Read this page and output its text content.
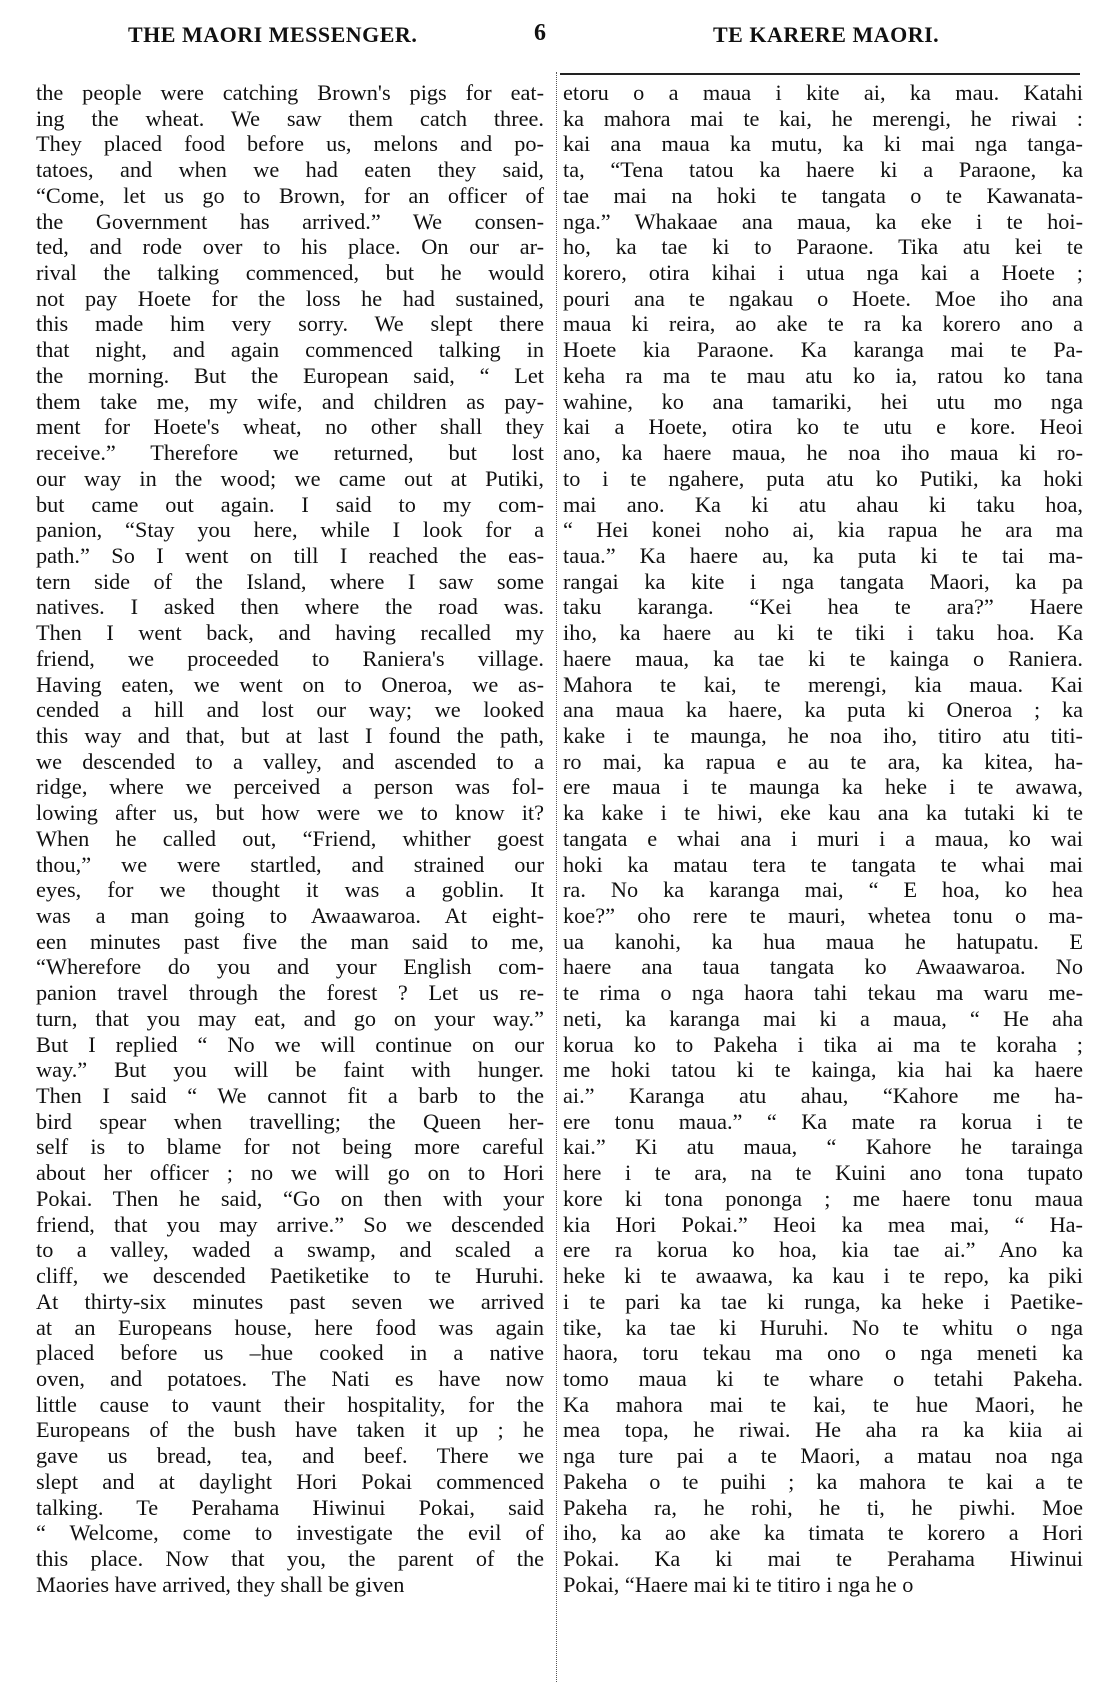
THE MAORI MESSENGER.	6	TE KARERE MAORI.
the people were catching Brown's pigs for eat-
ing the wheat. We saw them catch three.
They placed food before us, melons and po-
tatoes, and when we had eaten they said,
“Come, let us go to Brown, for an officer of
the Government has arrived.” We consen-
ted, and rode over to his place. On our ar-
rival the talking commenced, but he would
not pay Hoete for the loss he had sustained,
this made him very sorry. We slept there
that night, and again commenced talking in
the morning. But the European said, “ Let
them take me, my wife, and children as pay-
ment for Hoete's wheat, no other shall they
receive.” Therefore we returned, but lost
our way in the wood; we came out at Putiki,
but came out again. I said to my com-
panion, “Stay you here, while I look for a
path.” So I went on till I reached the eas-
tern side of the Island, where I saw some
natives. I asked then where the road was.
Then I went back, and having recalled my
friend, we proceeded to Raniera's village.
Having eaten, we went on to Oneroa, we as-
cended a hill and lost our way; we looked
this way and that, but at last I found the path,
we descended to a valley, and ascended to a
ridge, where we perceived a person was fol-
lowing after us, but how were we to know it?
When he called out, “Friend, whither goest
thou,” we were startled, and strained our
eyes, for we thought it was a goblin. It
was a man going to Awaawaroa. At eight-
een minutes past five the man said to me,
“Wherefore do you and your English com-
panion travel through the forest ? Let us re-
turn, that you may eat, and go on your way.”
But I replied “ No we will continue on our
way.” But you will be faint with hunger.
Then I said “ We cannot fit a barb to the
bird spear when travelling; the Queen her-
self is to blame for not being more careful
about her officer ; no we will go on to Hori
Pokai. Then he said, “Go on then with your
friend, that you may arrive.” So we descended
to a valley, waded a swamp, and scaled a
cliff, we descended Paetiketike to te Huruhi.
At thirty-six minutes past seven we arrived
at an Europeans house, here food was again
placed before us –hue cooked in a native
oven, and potatoes. The Nati es have now
little cause to vaunt their hospitality, for the
Europeans of the bush have taken it up ; he
gave us bread, tea, and beef. There we
slept and at daylight Hori Pokai commenced
talking. Te Perahama Hiwinui Pokai, said
“ Welcome, come to investigate the evil of
this place. Now that you, the parent of the
Maories have arrived, they shall be given
etoru o a maua i kite ai, ka mau. Katahi
ka mahora mai te kai, he merengi, he riwai :
kai ana maua ka mutu, ka ki mai nga tanga-
ta, “Tena tatou ka haere ki a Paraone, ka
tae mai na hoki te tangata o te Kawanata-
nga.” Whakaae ana maua, ka eke i te hoi-
ho, ka tae ki to Paraone. Tika atu kei te
korero, otira kihai i utua nga kai a Hoete ;
pouri ana te ngakau o Hoete. Moe iho ana
maua ki reira, ao ake te ra ka korero ano a
Hoete kia Paraone. Ka karanga mai te Pa-
keha ra ma te mau atu ko ia, ratou ko tana
wahine, ko ana tamariki, hei utu mo nga
kai a Hoete, otira ko te utu e kore. Heoi
ano, ka haere maua, he noa iho maua ki ro-
to i te ngahere, puta atu ko Putiki, ka hoki
mai ano. Ka ki atu ahau ki taku hoa,
“ Hei konei noho ai, kia rapua he ara ma
taua.” Ka haere au, ka puta ki te tai ma-
rangai ka kite i nga tangata Maori, ka pa
taku karanga. “Kei hea te ara?” Haere
iho, ka haere au ki te tiki i taku hoa. Ka
haere maua, ka tae ki te kainga o Raniera.
Mahora te kai, te merengi, kia maua. Kai
ana maua ka haere, ka puta ki Oneroa ; ka
kake i te maunga, he noa iho, titiro atu titi-
ro mai, ka rapua e au te ara, ka kitea, ha-
ere maua i te maunga ka heke i te awawa,
ka kake i te hiwi, eke kau ana ka tutaki ki te
tangata e whai ana i muri i a maua, ko wai
hoki ka matau tera te tangata te whai mai
ra. No ka karanga mai, “ E hoa, ko hea
koe?” oho rere te mauri, whetea tonu o ma-
ua kanohi, ka hua maua he hatupatu. E
haere ana taua tangata ko Awaawaroa. No
te rima o nga haora tahi tekau ma waru me-
neti, ka karanga mai ki a maua, “ He aha
korua ko to Pakeha i tika ai ma te koraha ;
me hoki tatou ki te kainga, kia hai ka haere
ai.” Karanga atu ahau, “Kahore me ha-
ere tonu maua.” “ Ka mate ra korua i te
kai.” Ki atu maua, “ Kahore he tarainga
here i te ara, na te Kuini ano tona tupato
kore ki tona pononga ; me haere tonu maua
kia Hori Pokai.” Heoi ka mea mai, “ Ha-
ere ra korua ko hoa, kia tae ai.” Ano ka
heke ki te awaawa, ka kau i te repo, ka piki
i te pari ka tae ki runga, ka heke i Paetike-
tike, ka tae ki Huruhi. No te whitu o nga
haora, toru tekau ma ono o nga meneti ka
tomo maua ki te whare o tetahi Pakeha.
Ka mahora mai te kai, te hue Maori, he
mea topa, he riwai. He aha ra ka kiia ai
nga ture pai a te Maori, a matau noa nga
Pakeha o te puihi ; ka mahora te kai a te
Pakeha ra, he rohi, he ti, he piwhi. Moe
iho, ka ao ake ka timata te korero a Hori
Pokai. Ka ki mai te Perahama Hiwinui
Pokai, “Haere mai ki te titiro i nga he o
